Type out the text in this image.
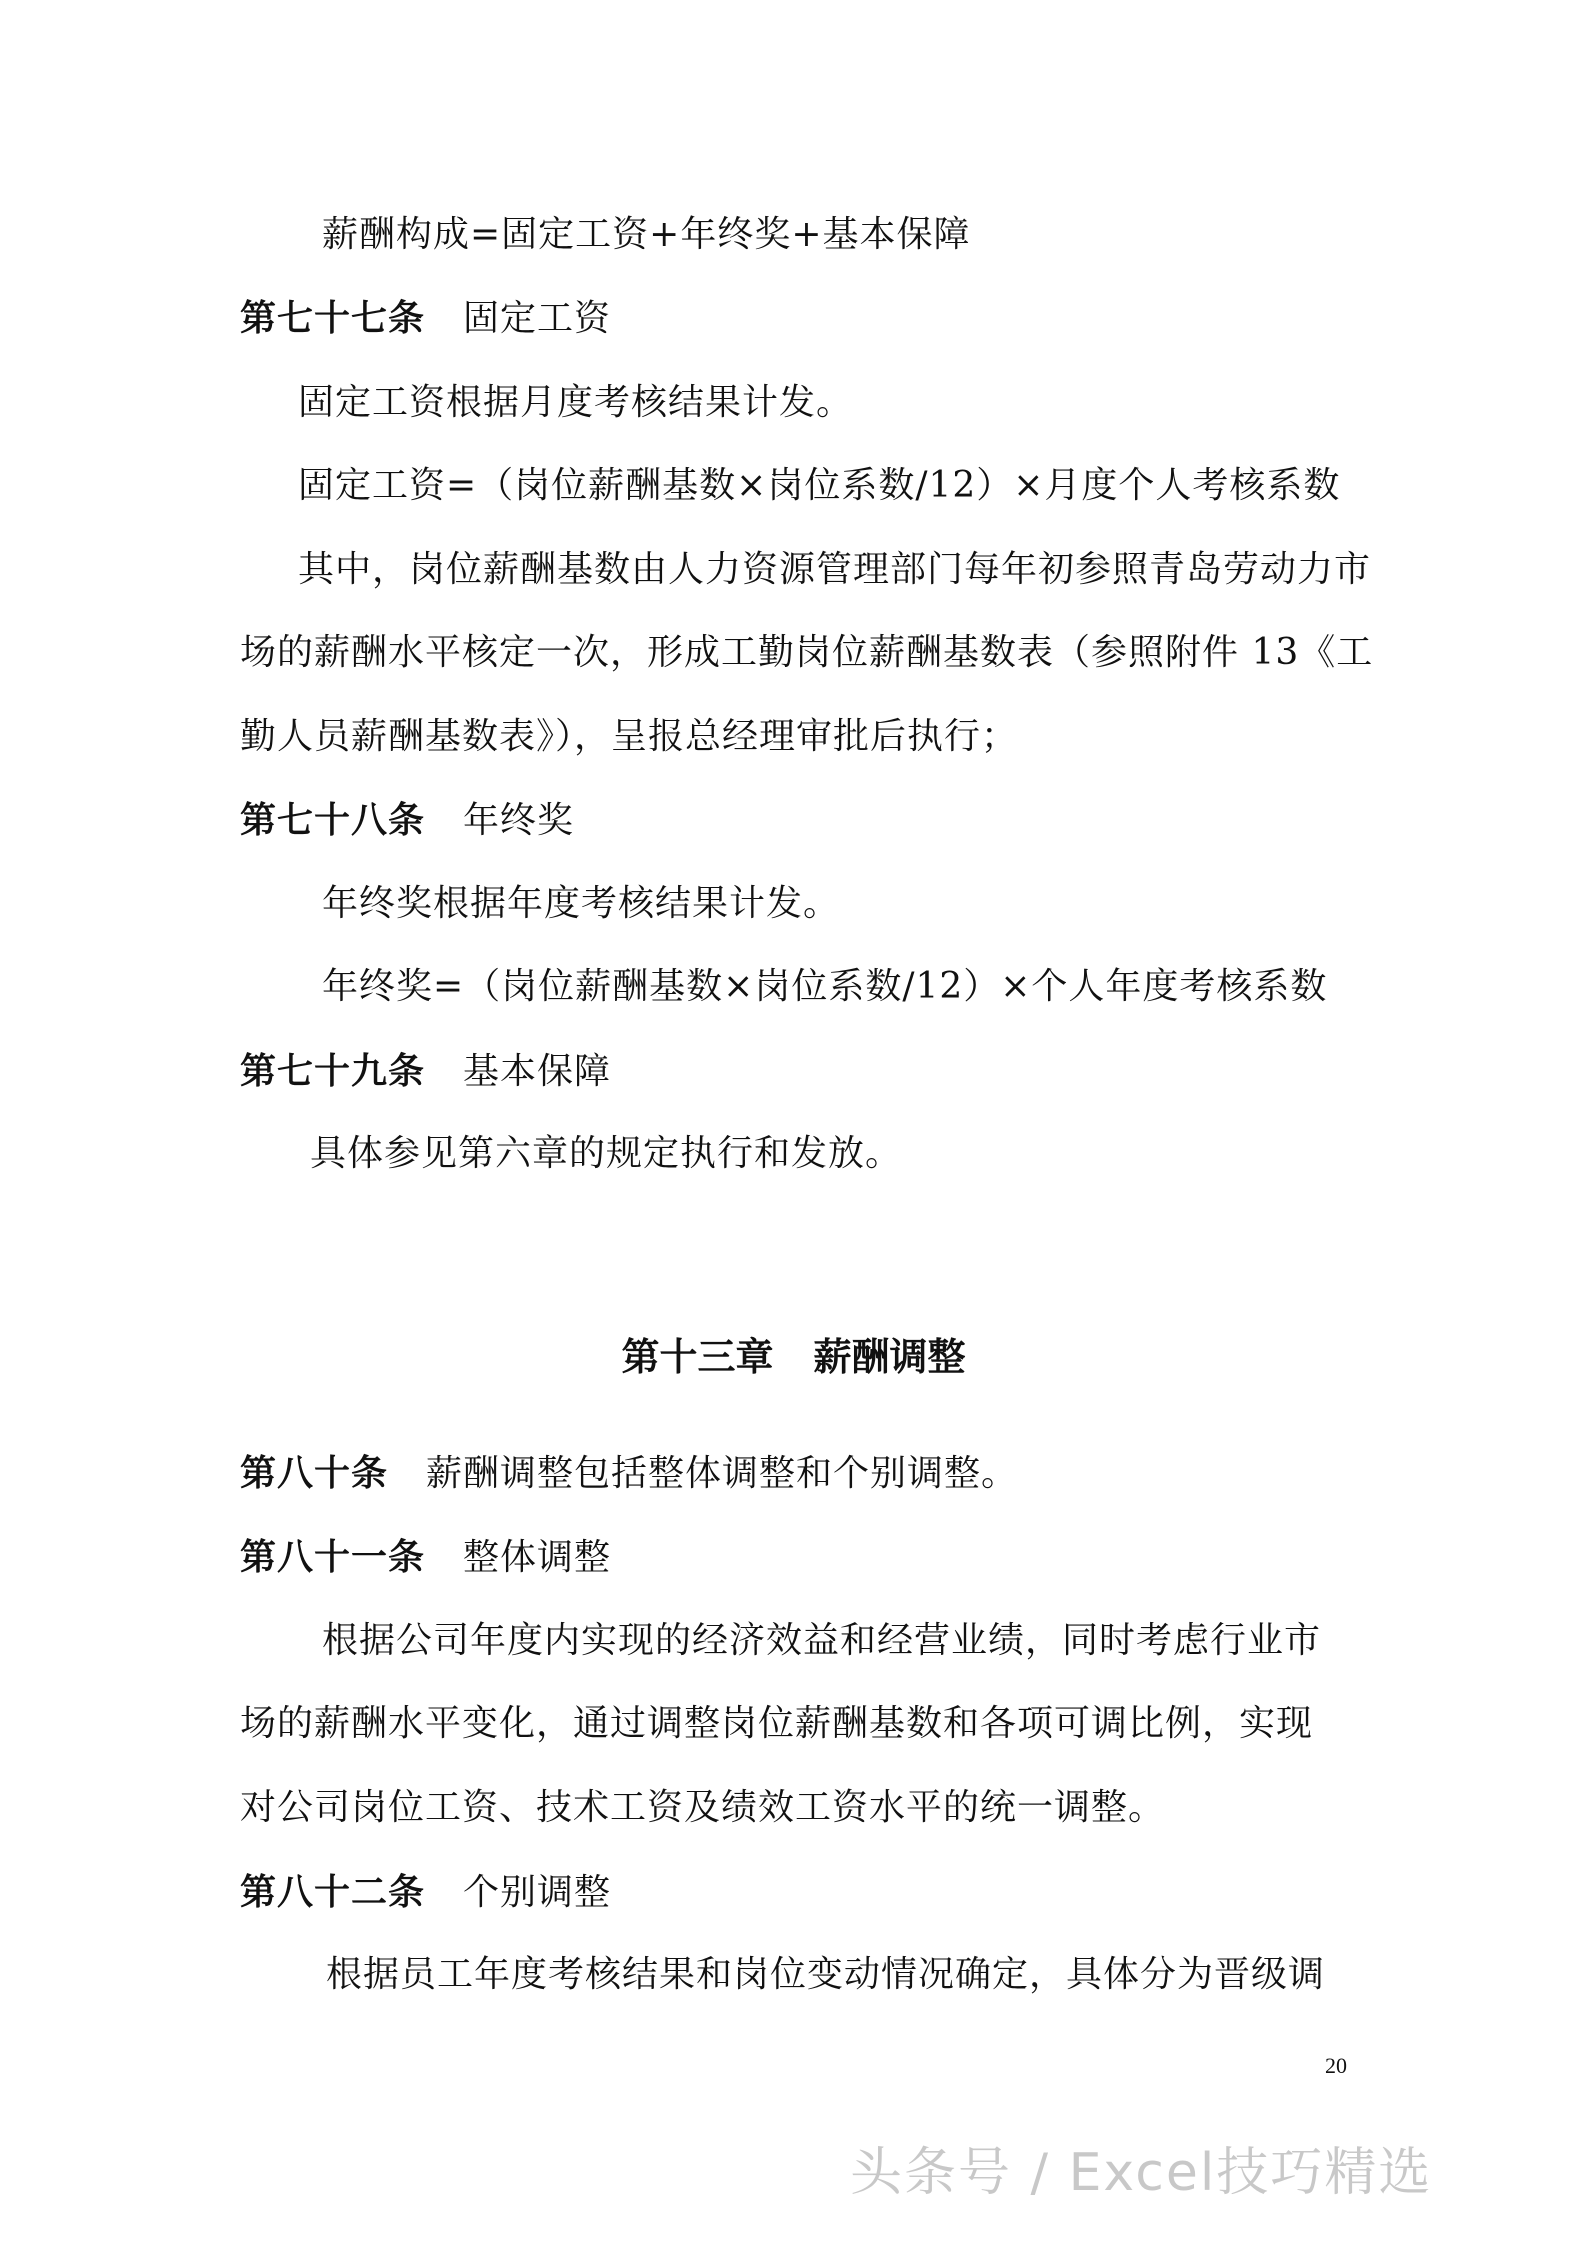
薪酬构成=固定工资+年终奖+基本保障
第七十七条 固定工资
固定工资根据月度考核结果计发。
固定工资=（岗位薪酬基数×岗位系数/12）×月度个人考核系数
其中，岗位薪酬基数由人力资源管理部门每年初参照青岛劳动力市
场的薪酬水平核定一次，形成工勤岗位薪酬基数表（参照附件 13《工
勤人员薪酬基数表》），呈报总经理审批后执行；
第七十八条 年终奖
年终奖根据年度考核结果计发。
年终奖=（岗位薪酬基数×岗位系数/12）×个人年度考核系数
第七十九条 基本保障
具体参见第六章的规定执行和发放。
第十三章 薪酬调整
第八十条 薪酬调整包括整体调整和个别调整。
第八十一条 整体调整
根据公司年度内实现的经济效益和经营业绩，同时考虑行业市
场的薪酬水平变化，通过调整岗位薪酬基数和各项可调比例，实现
对公司岗位工资、技术工资及绩效工资水平的统一调整。
第八十二条 个别调整
根据员工年度考核结果和岗位变动情况确定，具体分为晋级调
20
头条号 / Excel技巧精选
